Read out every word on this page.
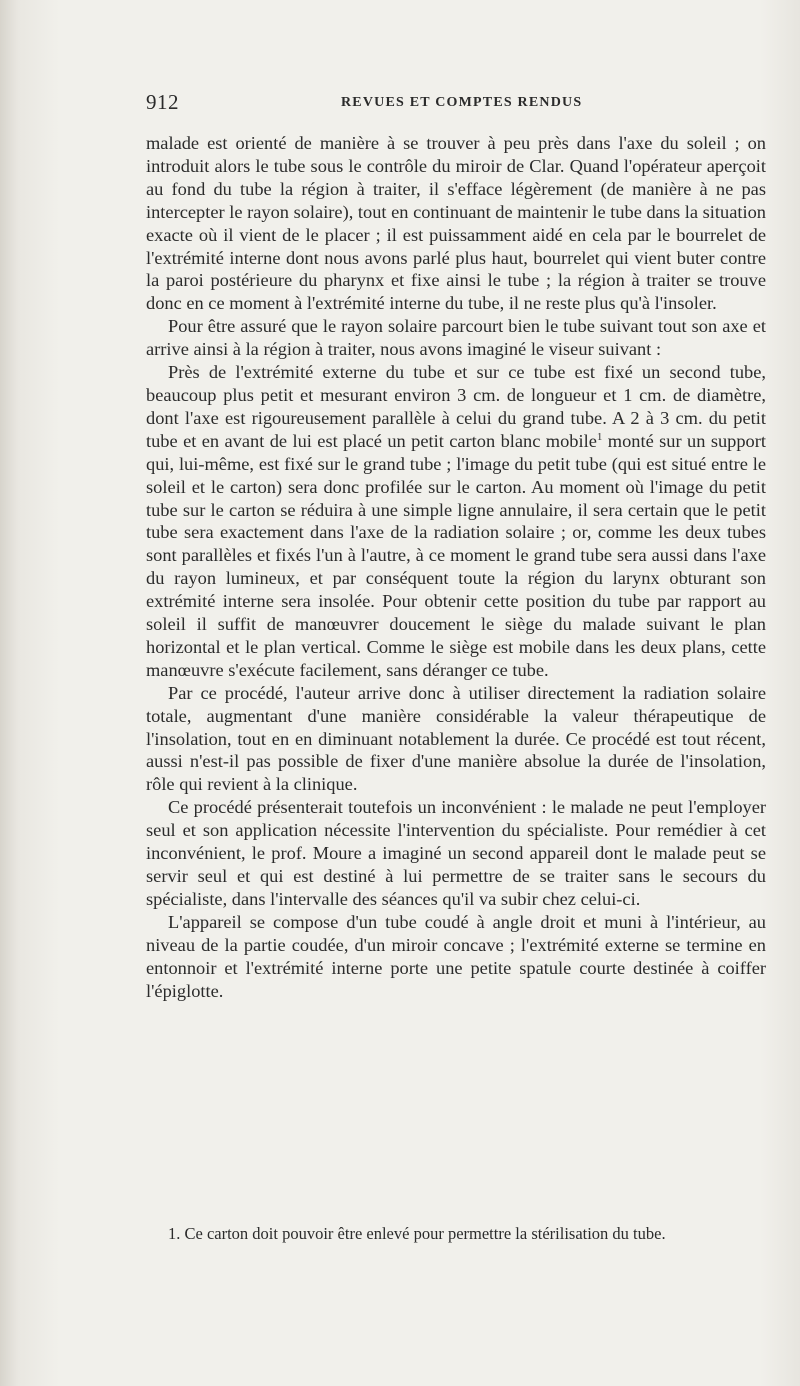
912	REVUES ET COMPTES RENDUS

malade est orienté de manière à se trouver à peu près dans l'axe du soleil ; on introduit alors le tube sous le contrôle du miroir de Clar. Quand l'opérateur aperçoit au fond du tube la région à traiter, il s'efface légèrement (de manière à ne pas intercepter le rayon solaire), tout en continuant de maintenir le tube dans la situation exacte où il vient de le placer ; il est puissamment aidé en cela par le bourrelet de l'extrémité interne dont nous avons parlé plus haut, bourrelet qui vient buter contre la paroi postérieure du pharynx et fixe ainsi le tube ; la région à traiter se trouve donc en ce moment à l'extrémité interne du tube, il ne reste plus qu'à l'insoler.

Pour être assuré que le rayon solaire parcourt bien le tube suivant tout son axe et arrive ainsi à la région à traiter, nous avons imaginé le viseur suivant :

Près de l'extrémité externe du tube et sur ce tube est fixé un second tube, beaucoup plus petit et mesurant environ 3 cm. de longueur et 1 cm. de diamètre, dont l'axe est rigoureusement parallèle à celui du grand tube. A 2 à 3 cm. du petit tube et en avant de lui est placé un petit carton blanc mobile$^1$ monté sur un support qui, lui-même, est fixé sur le grand tube ; l'image du petit tube (qui est situé entre le soleil et le carton) sera donc profilée sur le carton. Au moment où l'image du petit tube sur le carton se réduira à une simple ligne annulaire, il sera certain que le petit tube sera exactement dans l'axe de la radiation solaire ; or, comme les deux tubes sont parallèles et fixés l'un à l'autre, à ce moment le grand tube sera aussi dans l'axe du rayon lumineux, et par conséquent toute la région du larynx obturant son extrémité interne sera insolée. Pour obtenir cette position du tube par rapport au soleil il suffit de manœuvrer doucement le siège du malade suivant le plan horizontal et le plan vertical. Comme le siège est mobile dans les deux plans, cette manœuvre s'exécute facilement, sans déranger ce tube.

Par ce procédé, l'auteur arrive donc à utiliser directement la radiation solaire totale, augmentant d'une manière considérable la valeur thérapeutique de l'insolation, tout en en diminuant notablement la durée. Ce procédé est tout récent, aussi n'est-il pas possible de fixer d'une manière absolue la durée de l'insolation, rôle qui revient à la clinique.

Ce procédé présenterait toutefois un inconvénient : le malade ne peut l'employer seul et son application nécessite l'intervention du spécialiste. Pour remédier à cet inconvénient, le prof. Moure a imaginé un second appareil dont le malade peut se servir seul et qui est destiné à lui permettre de se traiter sans le secours du spécialiste, dans l'intervalle des séances qu'il va subir chez celui-ci.

L'appareil se compose d'un tube coudé à angle droit et muni à l'intérieur, au niveau de la partie coudée, d'un miroir concave ; l'extrémité externe se termine en entonnoir et l'extrémité interne porte une petite spatule courte destinée à coiffer l'épiglotte.

1. Ce carton doit pouvoir être enlevé pour permettre la stérilisation du tube.
